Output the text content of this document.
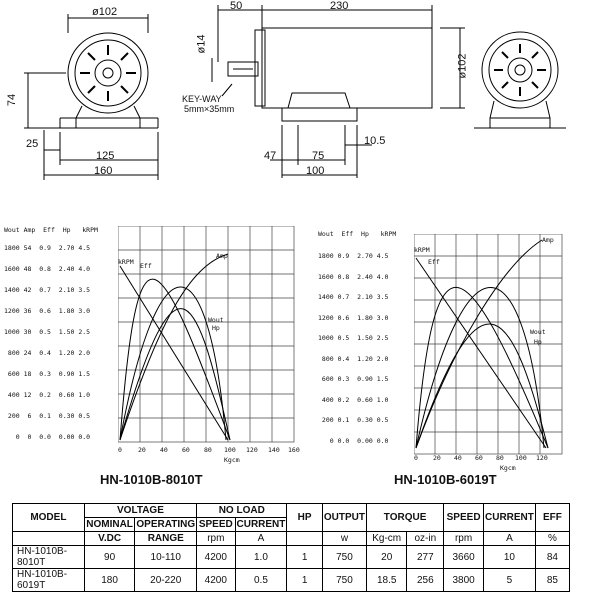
ø102
74
25
125
160
50	230
ø14
KEY-WAY
5mm×35mm
ø102
47	75
10.5
100
Wout Amp  Eff  Hp   kRPM
1800 54  0.9  2.70 4.5
1600 48  0.8  2.40 4.0
1400 42  0.7  2.10 3.5
1200 36  0.6  1.80 3.0
1000 30  0.5  1.50 2.5
800 24  0.4  1.20 2.0
600 18  0.3  0.90 1.5
400 12  0.2  0.60 1.0
200  6  0.1  0.30 0.5
0  0  0.0  0.00 0.0
kRPM Eff
Amp
Wout
Hp
0 20 40 60 80 100 120 140 160
Kgcm
HN-1010B-8010T
Wout  Eff  Hp   kRPM
1800 0.9  2.70 4.5
1600 0.8  2.40 4.0
1400 0.7  2.10 3.5
1200 0.6  1.80 3.0
1000 0.5  1.50 2.5
800 0.4  1.20 2.0
600 0.3  0.90 1.5
400 0.2  0.60 1.0
200 0.1  0.30 0.5
0 0.0  0.00 0.0
kRPM
Eff
Amp
Wout
Hp
0 20 40 60 80 100 120
Kgcm
HN-1010B-6019T
MODEL	VOLTAGE		NO LOAD		HP	OUTPUT	TORQUE		SPEED	CURRENT	EFF
	NOMINAL	OPERATING	SPEED	CURRENT							
	V.DC	RANGE	rpm	A		w	Kg-cm	oz-in	rpm	A	%
HN-1010B-8010T	90	10-110	4200	1.0	1	750	20	277	3660	10	84
HN-1010B-6019T	180	20-220	4200	0.5	1	750	18.5	256	3800	5	85
